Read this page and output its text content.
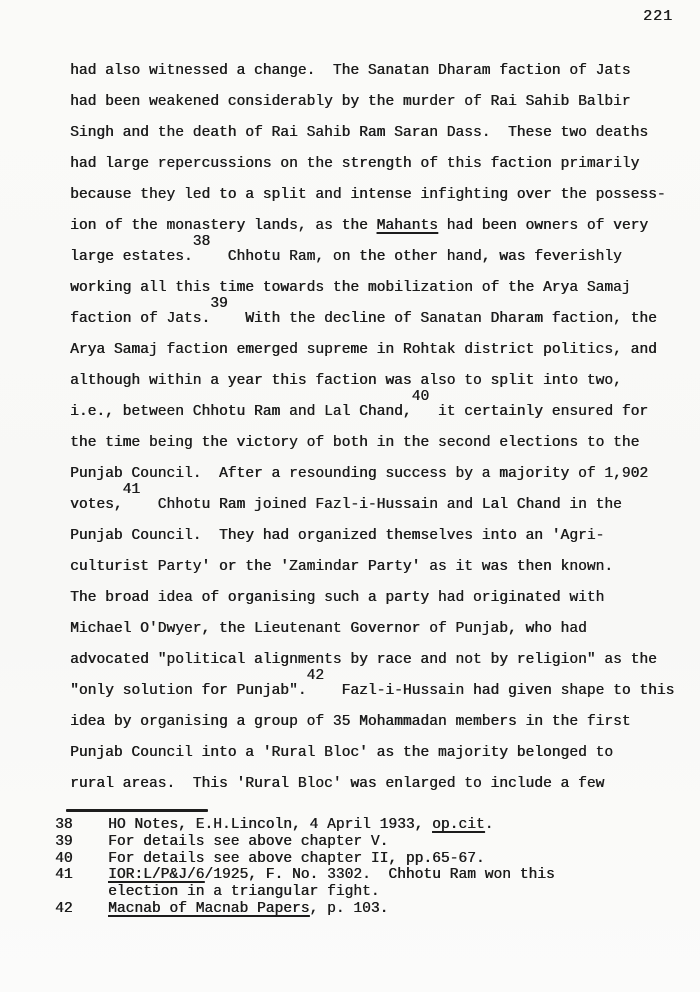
221
had also witnessed a change.  The Sanatan Dharam faction of Jats
had been weakened considerably by the murder of Rai Sahib Balbir
Singh and the death of Rai Sahib Ram Saran Dass.  These two deaths
had large repercussions on the strength of this faction primarily
because they led to a split and intense infighting over the possess-
ion of the monastery lands, as the Mahants had been owners of very
large estates.38  Chhotu Ram, on the other hand, was feverishly
working all this time towards the mobilization of the Arya Samaj
faction of Jats.39  With the decline of Sanatan Dharam faction, the
Arya Samaj faction emerged supreme in Rohtak district politics, and
although within a year this faction was also to split into two,
i.e., between Chhotu Ram and Lal Chand,40 it certainly ensured for
the time being the victory of both in the second elections to the
Punjab Council.  After a resounding success by a majority of 1,902
votes,41  Chhotu Ram joined Fazl-i-Hussain and Lal Chand in the
Punjab Council.  They had organized themselves into an 'Agri-
culturist Party' or the 'Zamindar Party' as it was then known.
The broad idea of organising such a party had originated with
Michael O'Dwyer, the Lieutenant Governor of Punjab, who had
advocated "political alignments by race and not by religion" as the
"only solution for Punjab".42  Fazl-i-Hussain had given shape to this
idea by organising a group of 35 Mohammadan members in the first
Punjab Council into a 'Rural Bloc' as the majority belonged to
rural areas.  This 'Rural Bloc' was enlarged to include a few
38	HO Notes, E.H.Lincoln, 4 April 1933, op.cit.
39	For details see above chapter V.
40	For details see above chapter II, pp.65-67.
41	IOR:L/P&J/6/1925, F. No. 3302.  Chhotu Ram won this
election in a triangular fight.
42	Macnab of Macnab Papers, p. 103.
